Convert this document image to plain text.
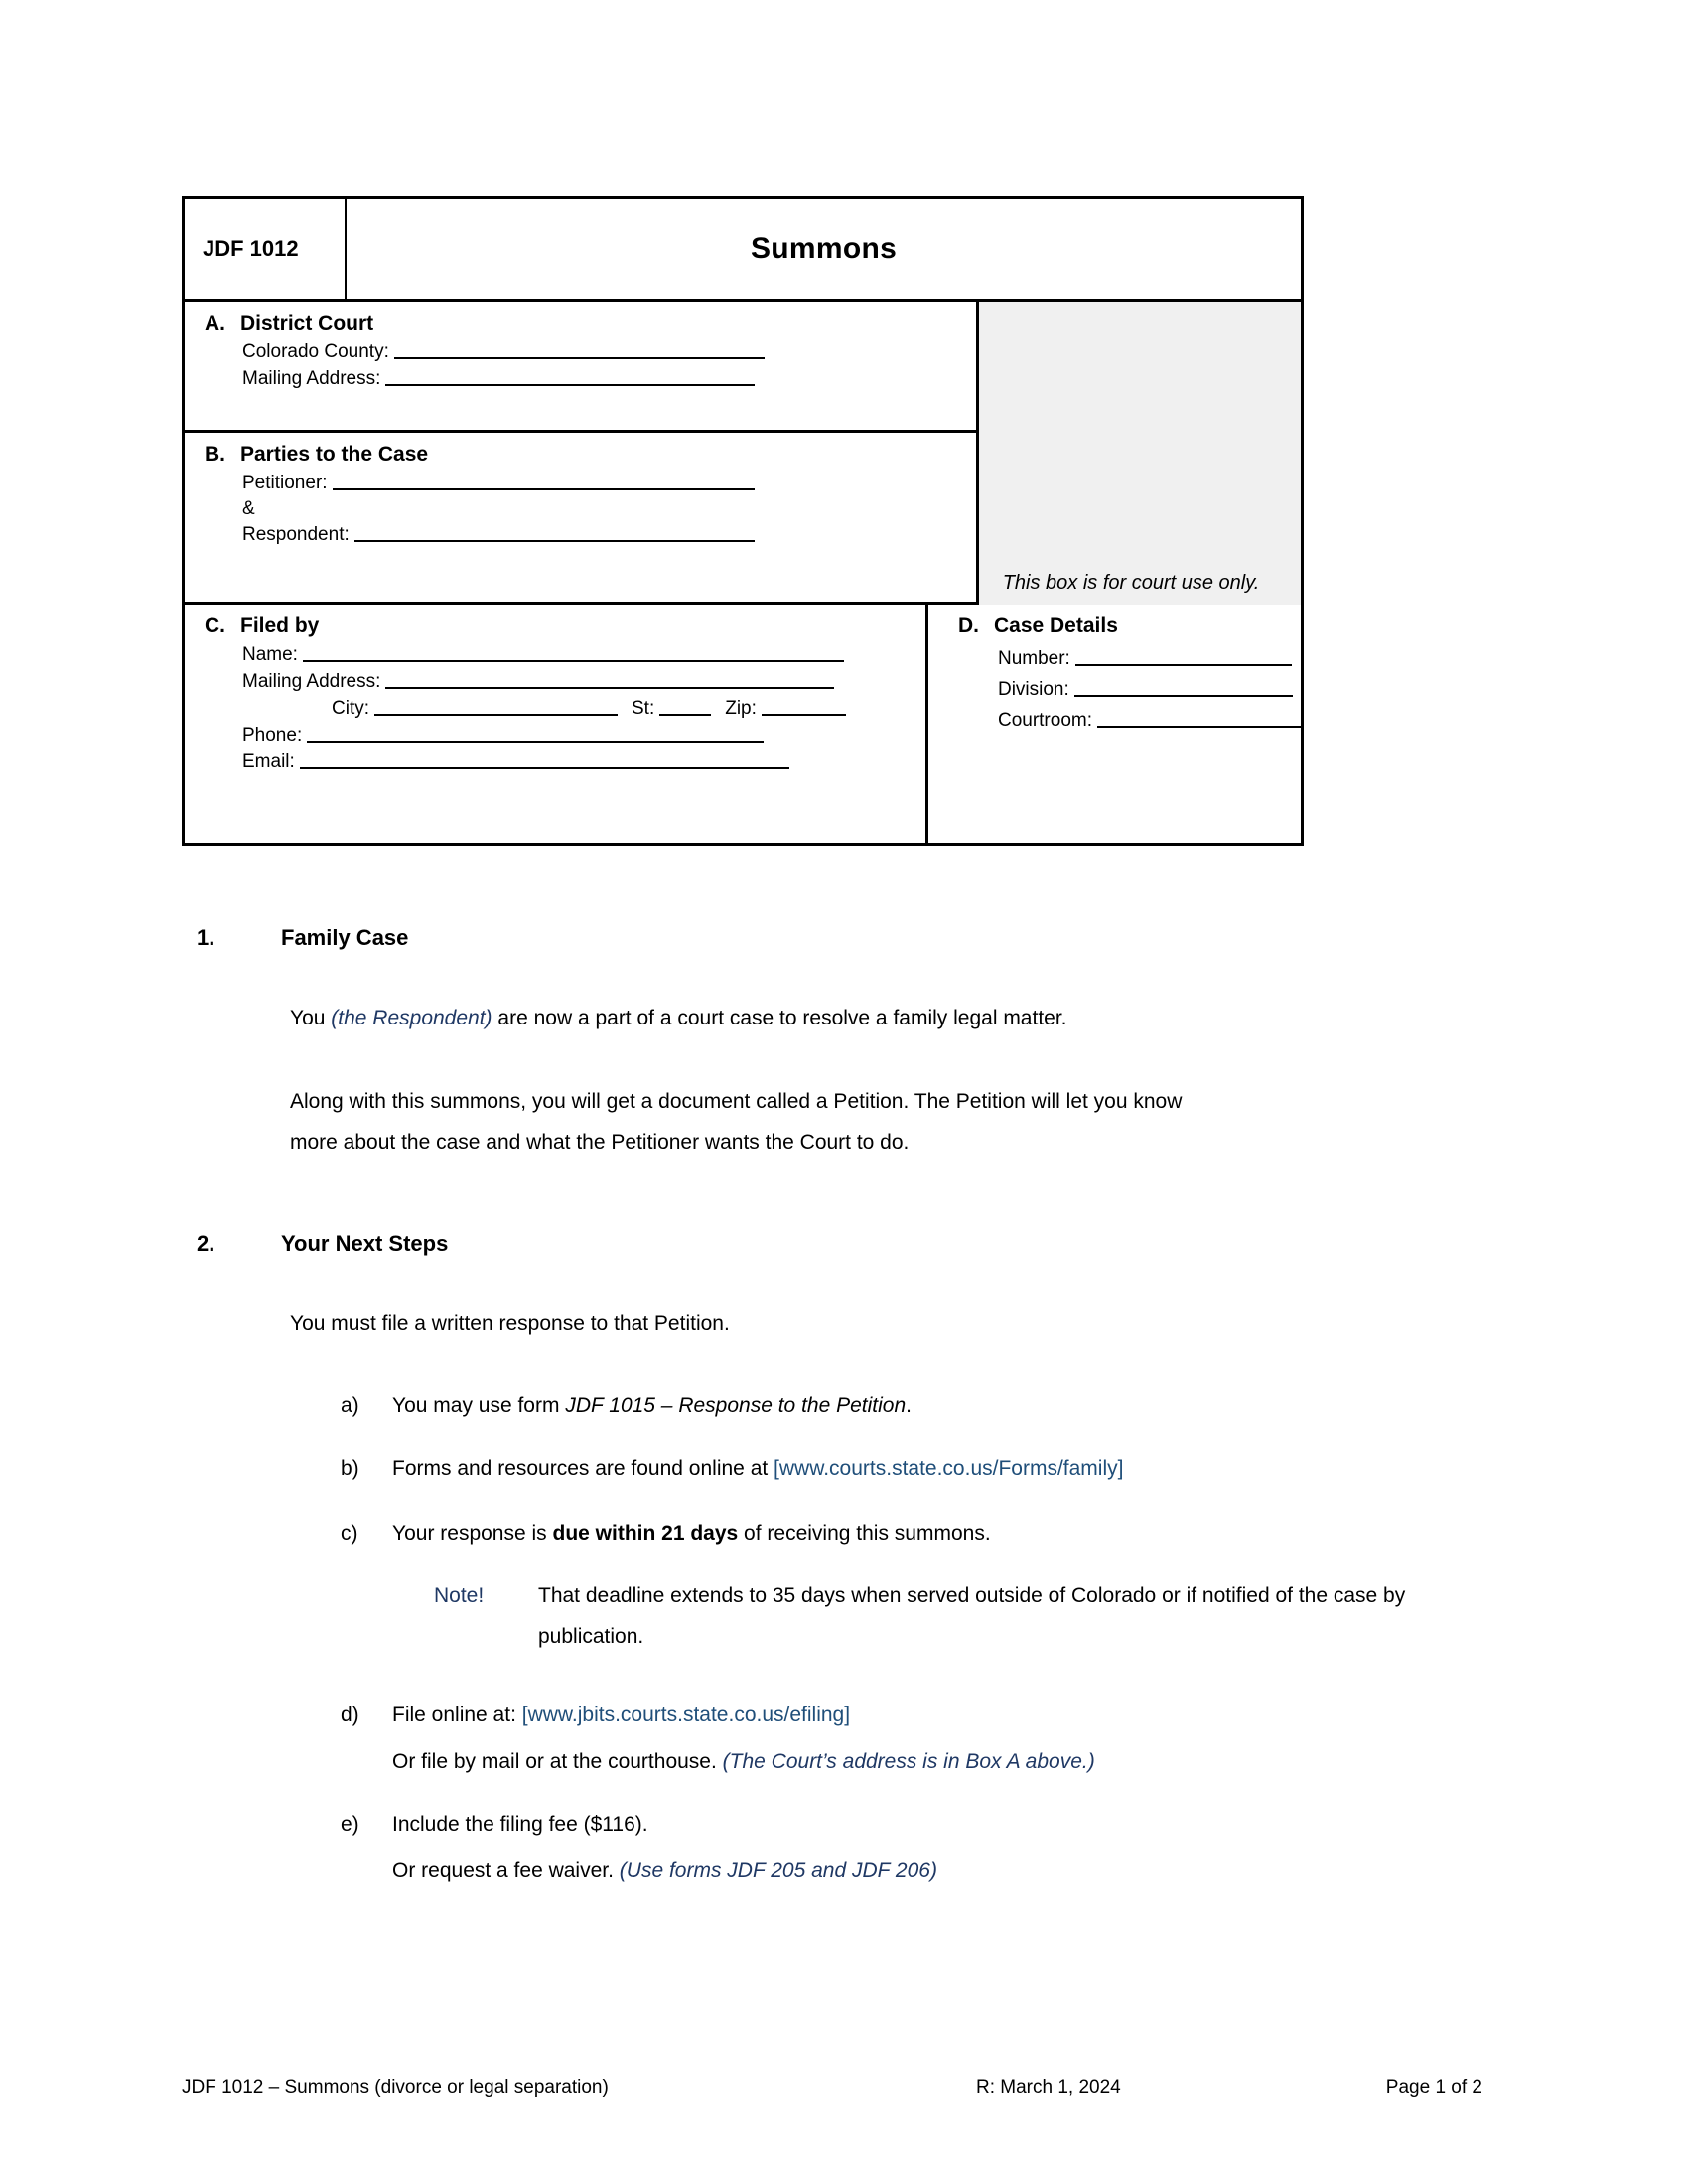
JDF 1012	Summons
A. District Court
Colorado County:
Mailing Address:
B. Parties to the Case
Petitioner:
&
Respondent:
This box is for court use only.
C. Filed by
Name:
Mailing Address:
City:	St:	Zip:
Phone:
Email:
D. Case Details
Number:
Division:
Courtroom:
1.	Family Case
You (the Respondent) are now a part of a court case to resolve a family legal matter.
Along with this summons, you will get a document called a Petition. The Petition will let you know
more about the case and what the Petitioner wants the Court to do.
2.	Your Next Steps
You must file a written response to that Petition.
a) You may use form JDF 1015 – Response to the Petition.
b) Forms and resources are found online at [www.courts.state.co.us/Forms/family]
c) Your response is due within 21 days of receiving this summons.
Note!	That deadline extends to 35 days when served outside of Colorado or if notified of the case by publication.
d) File online at: [www.jbits.courts.state.co.us/efiling]
Or file by mail or at the courthouse. (The Court’s address is in Box A above.)
e) Include the filing fee ($116).
Or request a fee waiver. (Use forms JDF 205 and JDF 206)
JDF 1012 – Summons (divorce or legal separation)	R: March 1, 2024	Page 1 of 2
